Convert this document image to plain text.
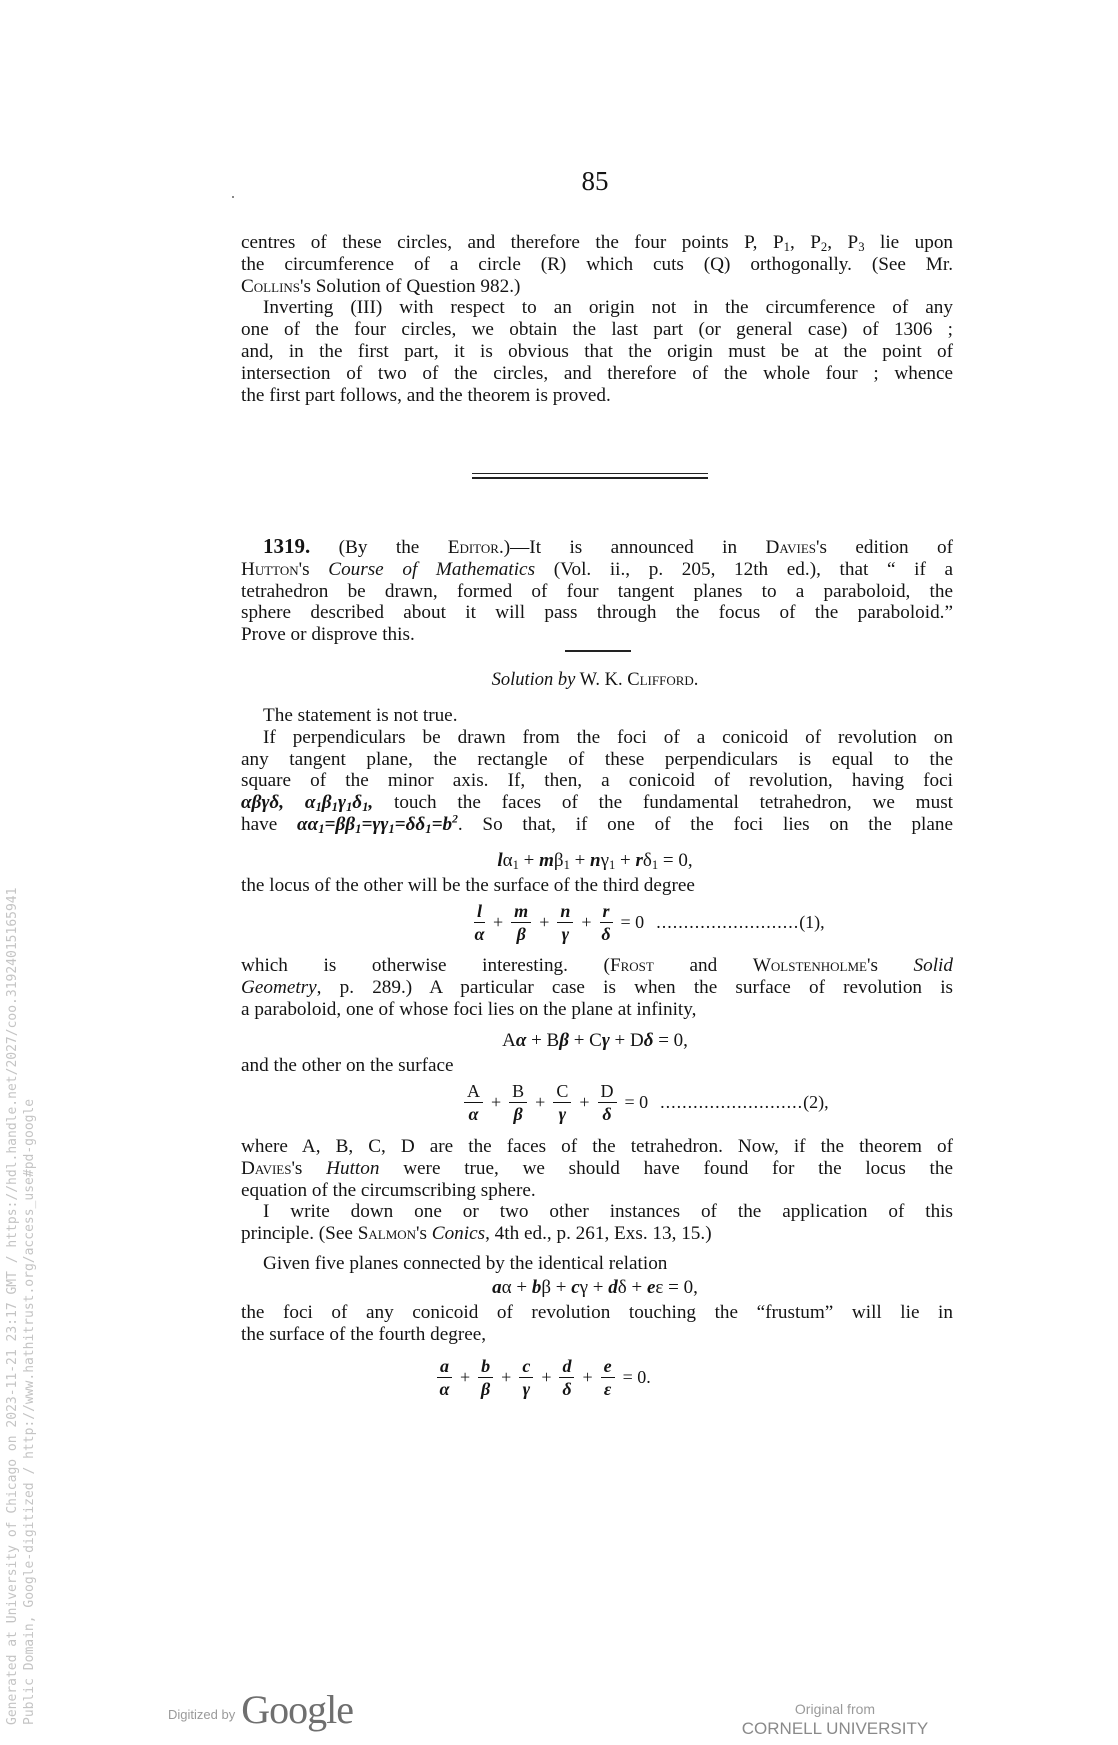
85
centres of these circles, and therefore the four points P, $P_1$, $P_2$, $P_3$ lie upon
the circumference of a circle (R) which cuts (Q) orthogonally. (See Mr.
Collins's Solution of Question 982.)
Inverting (III) with respect to an origin not in the circumference of any
one of the four circles, we obtain the last part (or general case) of 1306 ;
and, in the first part, it is obvious that the origin must be at the point of
intersection of two of the circles, and therefore of the whole four ; whence
the first part follows, and the theorem is proved.
1319. (By the Editor.)—It is announced in Davies's edition of
Hutton's Course of Mathematics (Vol. ii., p. 205, 12th ed.), that “ if a
tetrahedron be drawn, formed of four tangent planes to a paraboloid, the
sphere described about it will pass through the focus of the paraboloid.”
Prove or disprove this.
Solution by W. K. Clifford.
The statement is not true.
If perpendiculars be drawn from the foci of a conicoid of revolution on
any tangent plane, the rectangle of these perpendiculars is equal to the
square of the minor axis. If, then, a conicoid of revolution, having foci
αβγδ, $\alpha_1\beta_1\gamma_1\delta_1$, touch the faces of the fundamental tetrahedron, we must
have $\alpha\alpha_1=\beta\beta_1=\gamma\gamma_1=\delta\delta_1=b^2$. So that, if one of the foci lies on the plane
$l\alpha_1 + m\beta_1 + n\gamma_1 + r\delta_1 = 0$,
the locus of the other will be the surface of the third degree
$\frac{l}{\alpha} + \frac{m}{\beta} + \frac{n}{\gamma} + \frac{r}{\delta} = 0$ .......................... (1),
which is otherwise interesting. (Frost and Wolstenholme's Solid
Geometry, p. 289.) A particular case is when the surface of revolution is
a paraboloid, one of whose foci lies on the plane at infinity,
Aα + Bβ + Cγ + Dδ = 0,
and the other on the surface
$\frac{A}{\alpha} + \frac{B}{\beta} + \frac{C}{\gamma} + \frac{D}{\delta} = 0$ .......................... (2),
where A, B, C, D are the faces of the tetrahedron. Now, if the theorem of
Davies's Hutton were true, we should have found for the locus the
equation of the circumscribing sphere.
I write down one or two other instances of the application of this
principle. (See Salmon's Conics, 4th ed., p. 261, Exs. 13, 15.)
Given five planes connected by the identical relation
aα + bβ + cγ + dδ + eε = 0,
the foci of any conicoid of revolution touching the “frustum” will lie in
the surface of the fourth degree,
$\frac{a}{\alpha} + \frac{b}{\beta} + \frac{c}{\gamma} + \frac{d}{\delta} + \frac{e}{\varepsilon} = 0$.
Generated at University of Chicago on 2023-11-21 23:17 GMT / https://hdl.handle.net/2027/coo.31924015165941 Public Domain, Google-digitized / http://www.hathitrust.org/access_use#pd-google	Digitized by Google	Original from
CORNELL UNIVERSITY
